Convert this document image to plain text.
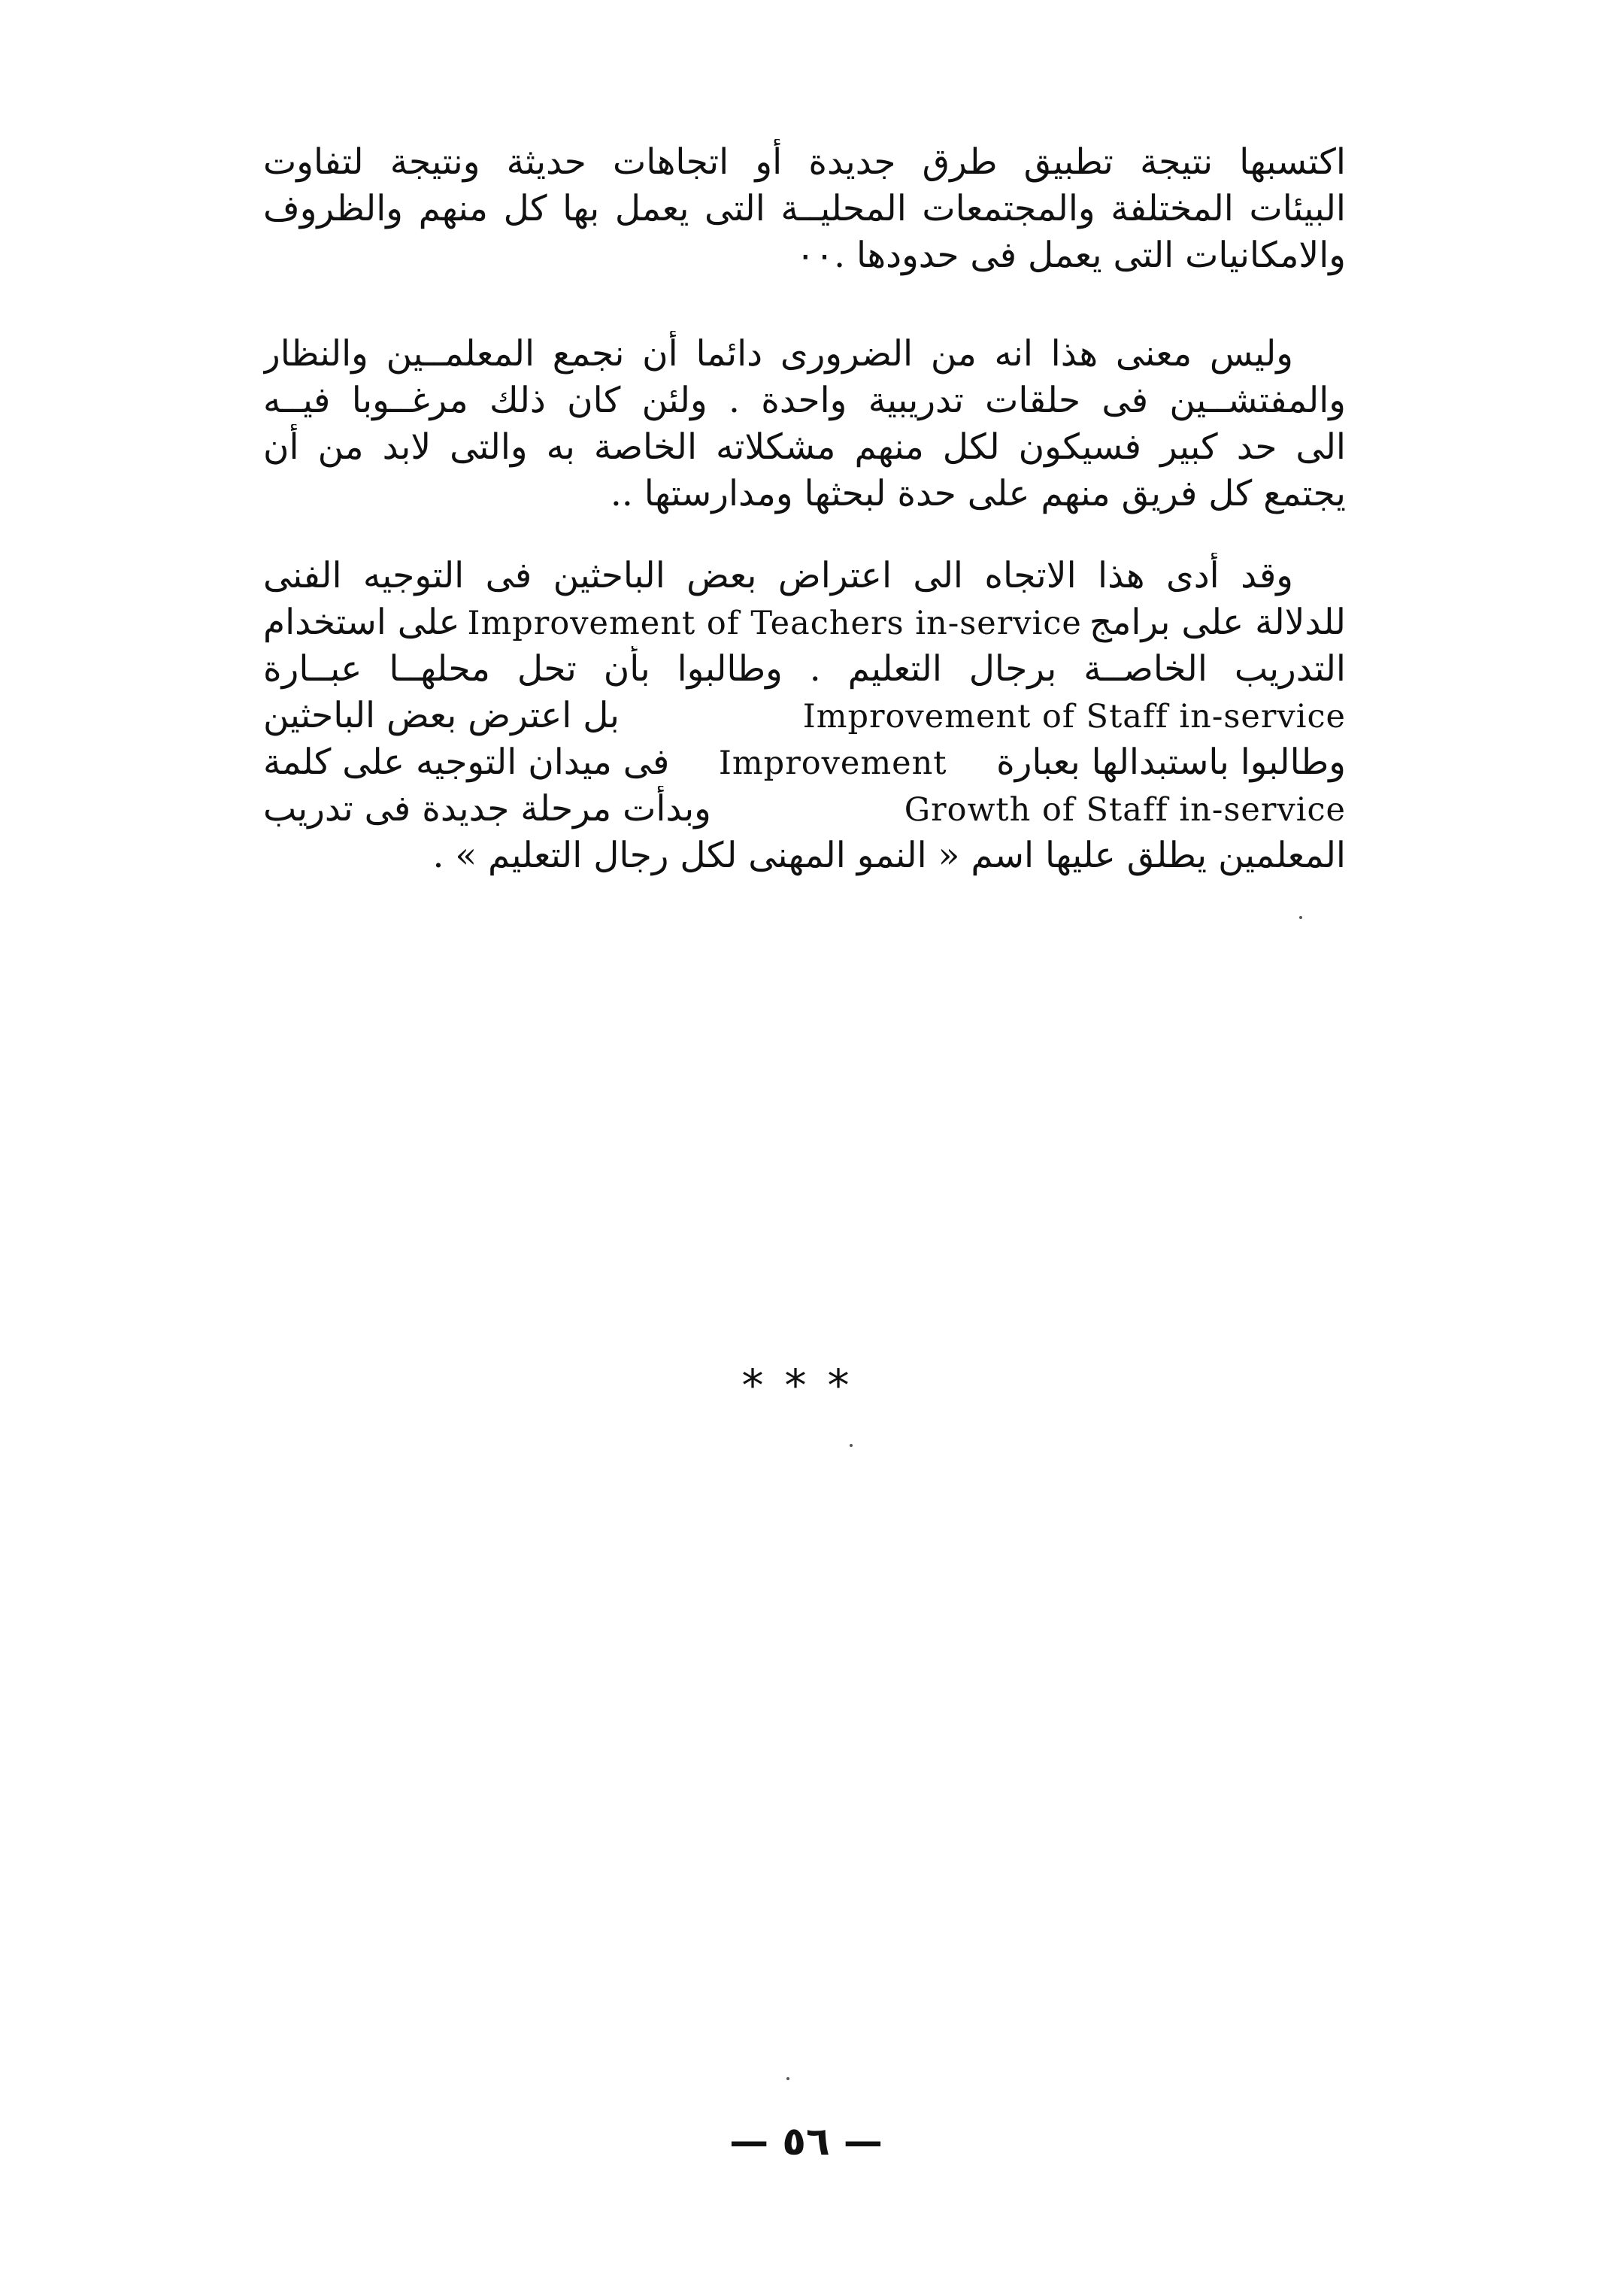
اكتسبها نتيجة تطبيق طرق جديدة أو اتجاهات حديثة ونتيجة لتفاوت
البيئات المختلفة والمجتمعات المحليــة التى يعمل بها كل منهم والظروف
والامكانيات التى يعمل فى حدودها .٠٠
وليس معنى هذا انه من الضرورى دائما أن نجمع المعلمــين والنظار
والمفتشــين فى حلقات تدريبية واحدة . ولئن كان ذلك مرغــوبا فيــه
الى حد كبير فسيكون لكل منهم مشكلاته الخاصة به والتى لابد من أن
يجتمع كل فريق منهم على حدة لبحثها ومدارستها ..
وقد أدى هذا الاتجاه الى اعتراض بعض الباحثين فى التوجيه الفنى
على استخدام Improvement of Teachers in-service للدلالة على برامج
التدريب الخاصــة برجال التعليم . وطالبوا بأن تحل محلهــا عبــارة
بل اعترض بعض الباحثين	Improvement of Staff in-service
فى ميدان التوجيه على كلمة Improvement وطالبوا باستبدالها بعبارة
وبدأت مرحلة جديدة فى تدريب	Growth of Staff in-service
المعلمين يطلق عليها اسم « النمو المهنى لكل رجال التعليم » .
***
— ٥٦ —
